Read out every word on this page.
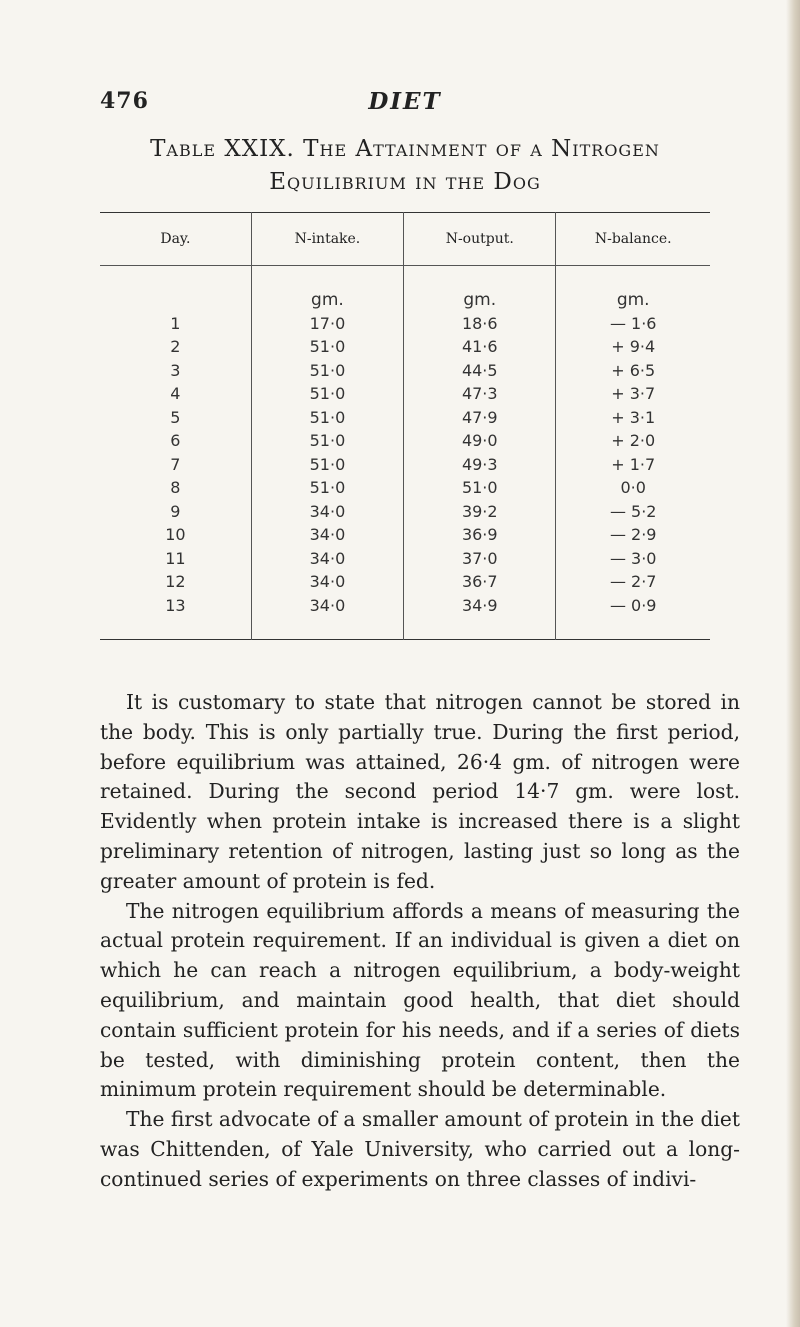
476	DIET
Table XXIX. The Attainment of a Nitrogen
Equilibrium in the Dog
Day.	N-intake.	N-output.	N-balance.
	gm.	gm.	gm.
1	17·0	18·6	— 1·6
2	51·0	41·6	+ 9·4
3	51·0	44·5	+ 6·5
4	51·0	47·3	+ 3·7
5	51·0	47·9	+ 3·1
6	51·0	49·0	+ 2·0
7	51·0	49·3	+ 1·7
8	51·0	51·0	0·0
9	34·0	39·2	— 5·2
10	34·0	36·9	— 2·9
11	34·0	37·0	— 3·0
12	34·0	36·7	— 2·7
13	34·0	34·9	— 0·9

It is customary to state that nitrogen cannot be stored in the body. This is only partially true. During the first period, before equilibrium was attained, 26·4 gm. of nitrogen were retained. During the second period 14·7 gm. were lost. Evidently when protein intake is increased there is a slight preliminary retention of nitrogen, lasting just so long as the greater amount of protein is fed.

The nitrogen equilibrium affords a means of measuring the actual protein requirement. If an individual is given a diet on which he can reach a nitrogen equilibrium, a body-weight equilibrium, and maintain good health, that diet should contain sufficient protein for his needs, and if a series of diets be tested, with diminishing protein content, then the minimum protein requirement should be determinable.

The first advocate of a smaller amount of protein in the diet was Chittenden, of Yale University, who carried out a long-continued series of experiments on three classes of indivi-
